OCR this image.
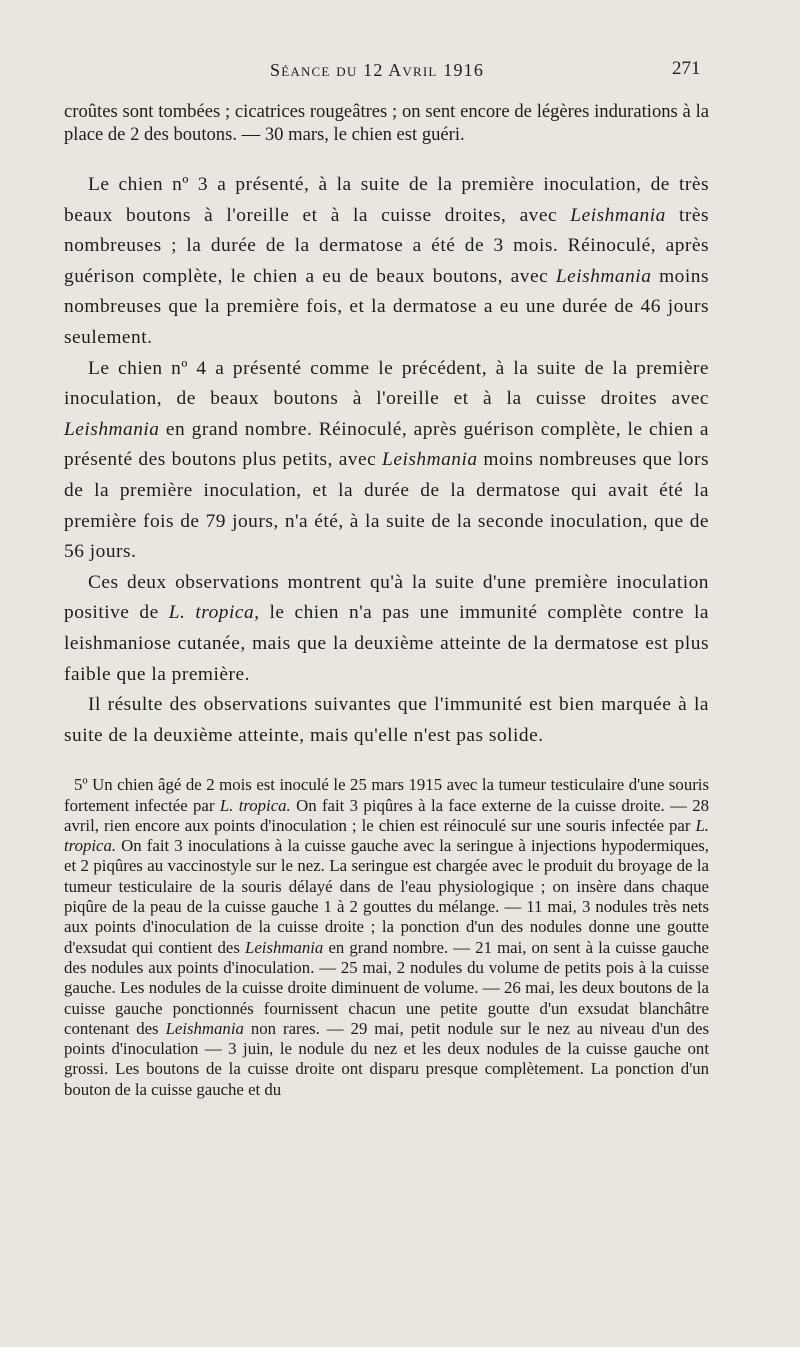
Séance du 12 Avril 1916	271

croûtes sont tombées ; cicatrices rougeâtres ; on sent encore de légères indurations à la place de 2 des boutons. — 30 mars, le chien est guéri.

Le chien nº 3 a présenté, à la suite de la première inoculation, de très beaux boutons à l'oreille et à la cuisse droites, avec Leishmania très nombreuses ; la durée de la dermatose a été de 3 mois. Réinoculé, après guérison complète, le chien a eu de beaux boutons, avec Leishmania moins nombreuses que la première fois, et la dermatose a eu une durée de 46 jours seulement.

Le chien nº 4 a présenté comme le précédent, à la suite de la première inoculation, de beaux boutons à l'oreille et à la cuisse droites avec Leishmania en grand nombre. Réinoculé, après guérison complète, le chien a présenté des boutons plus petits, avec Leishmania moins nombreuses que lors de la première inoculation, et la durée de la dermatose qui avait été la première fois de 79 jours, n'a été, à la suite de la seconde inoculation, que de 56 jours.

Ces deux observations montrent qu'à la suite d'une première inoculation positive de L. tropica, le chien n'a pas une immunité complète contre la leishmaniose cutanée, mais que la deuxième atteinte de la dermatose est plus faible que la première.

Il résulte des observations suivantes que l'immunité est bien marquée à la suite de la deuxième atteinte, mais qu'elle n'est pas solide.

5º Un chien âgé de 2 mois est inoculé le 25 mars 1915 avec la tumeur testiculaire d'une souris fortement infectée par L. tropica. On fait 3 piqûres à la face externe de la cuisse droite. — 28 avril, rien encore aux points d'inoculation ; le chien est réinoculé sur une souris infectée par L. tropica. On fait 3 inoculations à la cuisse gauche avec la seringue à injections hypodermiques, et 2 piqûres au vaccinostyle sur le nez. La seringue est chargée avec le produit du broyage de la tumeur testiculaire de la souris délayé dans de l'eau physiologique ; on insère dans chaque piqûre de la peau de la cuisse gauche 1 à 2 gouttes du mélange. — 11 mai, 3 nodules très nets aux points d'inoculation de la cuisse droite ; la ponction d'un des nodules donne une goutte d'exsudat qui contient des Leishmania en grand nombre. — 21 mai, on sent à la cuisse gauche des nodules aux points d'inoculation. — 25 mai, 2 nodules du volume de petits pois à la cuisse gauche. Les nodules de la cuisse droite diminuent de volume. — 26 mai, les deux boutons de la cuisse gauche ponctionnés fournissent chacun une petite goutte d'un exsudat blanchâtre contenant des Leishmania non rares. — 29 mai, petit nodule sur le nez au niveau d'un des points d'inoculation — 3 juin, le nodule du nez et les deux nodules de la cuisse gauche ont grossi. Les boutons de la cuisse droite ont disparu presque complètement. La ponction d'un bouton de la cuisse gauche et du
